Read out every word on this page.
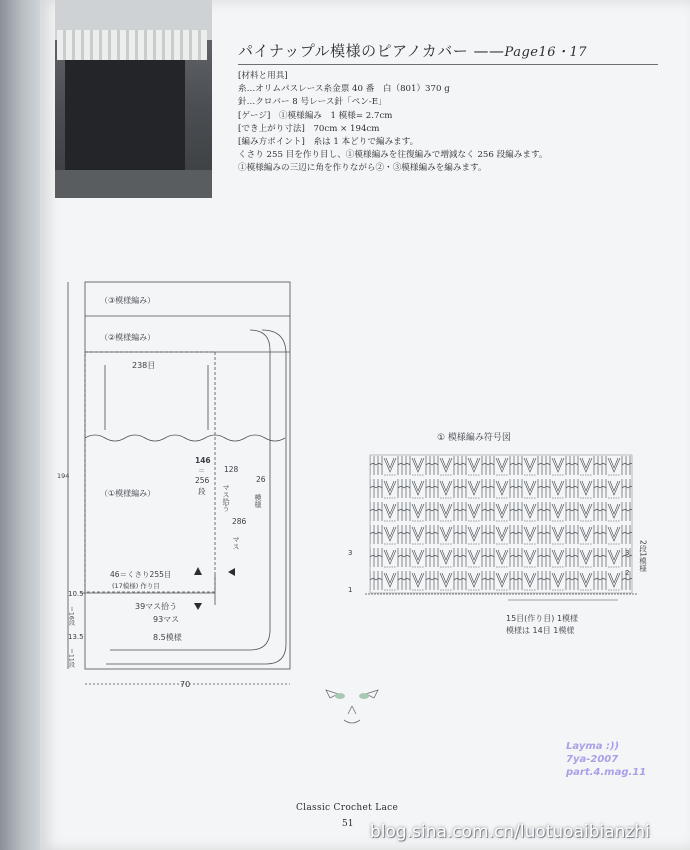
パイナップル模様のピアノカバー ——Page16・17
[材料と用具]
糸…オリムパスレース糸金票 40 番　白（801）370 g
針…クロバー 8 号レース針「ペン-E」
[ゲージ]　①模様編み　1 模様= 2.7cm
[でき上がり寸法]　70cm × 194cm
[編み方ポイント]　糸は 1 本どりで編みます。
くさり 255 目を作り目し、①模様編みを往復編みで増減なく 256 段編みます。
①模様編みの三辺に角を作りながら②・③模様編みを編みます。
（③模様編み）
（②模様編み）
238目
（①模様編み）
146
＝
256
段
128
マス拾う
286
マス
26
模様
194
46＝くさり255目
(17模様) 作り目
10.5
＝16段	39マス拾う
93マス
8.5模様
13.5
＝11段
70
① 模様編み符号図
3
1
3
2
2段1模様
15目(作り目) 1模様
模様は 14目 1模様
Layma :))
7ya-2007
part.4.mag.11
Classic Crochet Lace
51 blog.sina.com.cn/luotuoaibianzhi
